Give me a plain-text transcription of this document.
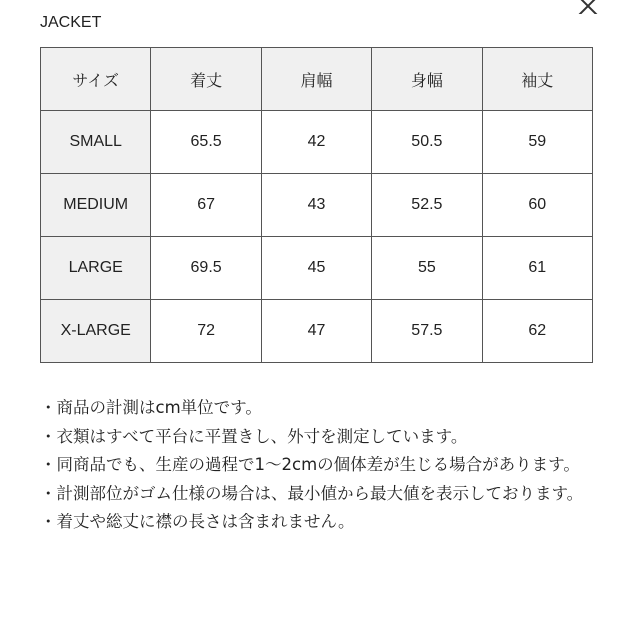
JACKET
サイズ	着丈	肩幅	身幅	袖丈
SMALL	65.5	42	50.5	59
MEDIUM	67	43	52.5	60
LARGE	69.5	45	55	61
X-LARGE	72	47	57.5	62

・商品の計測はcm単位です。

・衣類はすべて平台に平置きし、外寸を測定しています。

・同商品でも、生産の過程で1〜2cmの個体差が生じる場合があります。

・計測部位がゴム仕様の場合は、最小値から最大値を表示しております。

・着丈や総丈に襟の長さは含まれません。
